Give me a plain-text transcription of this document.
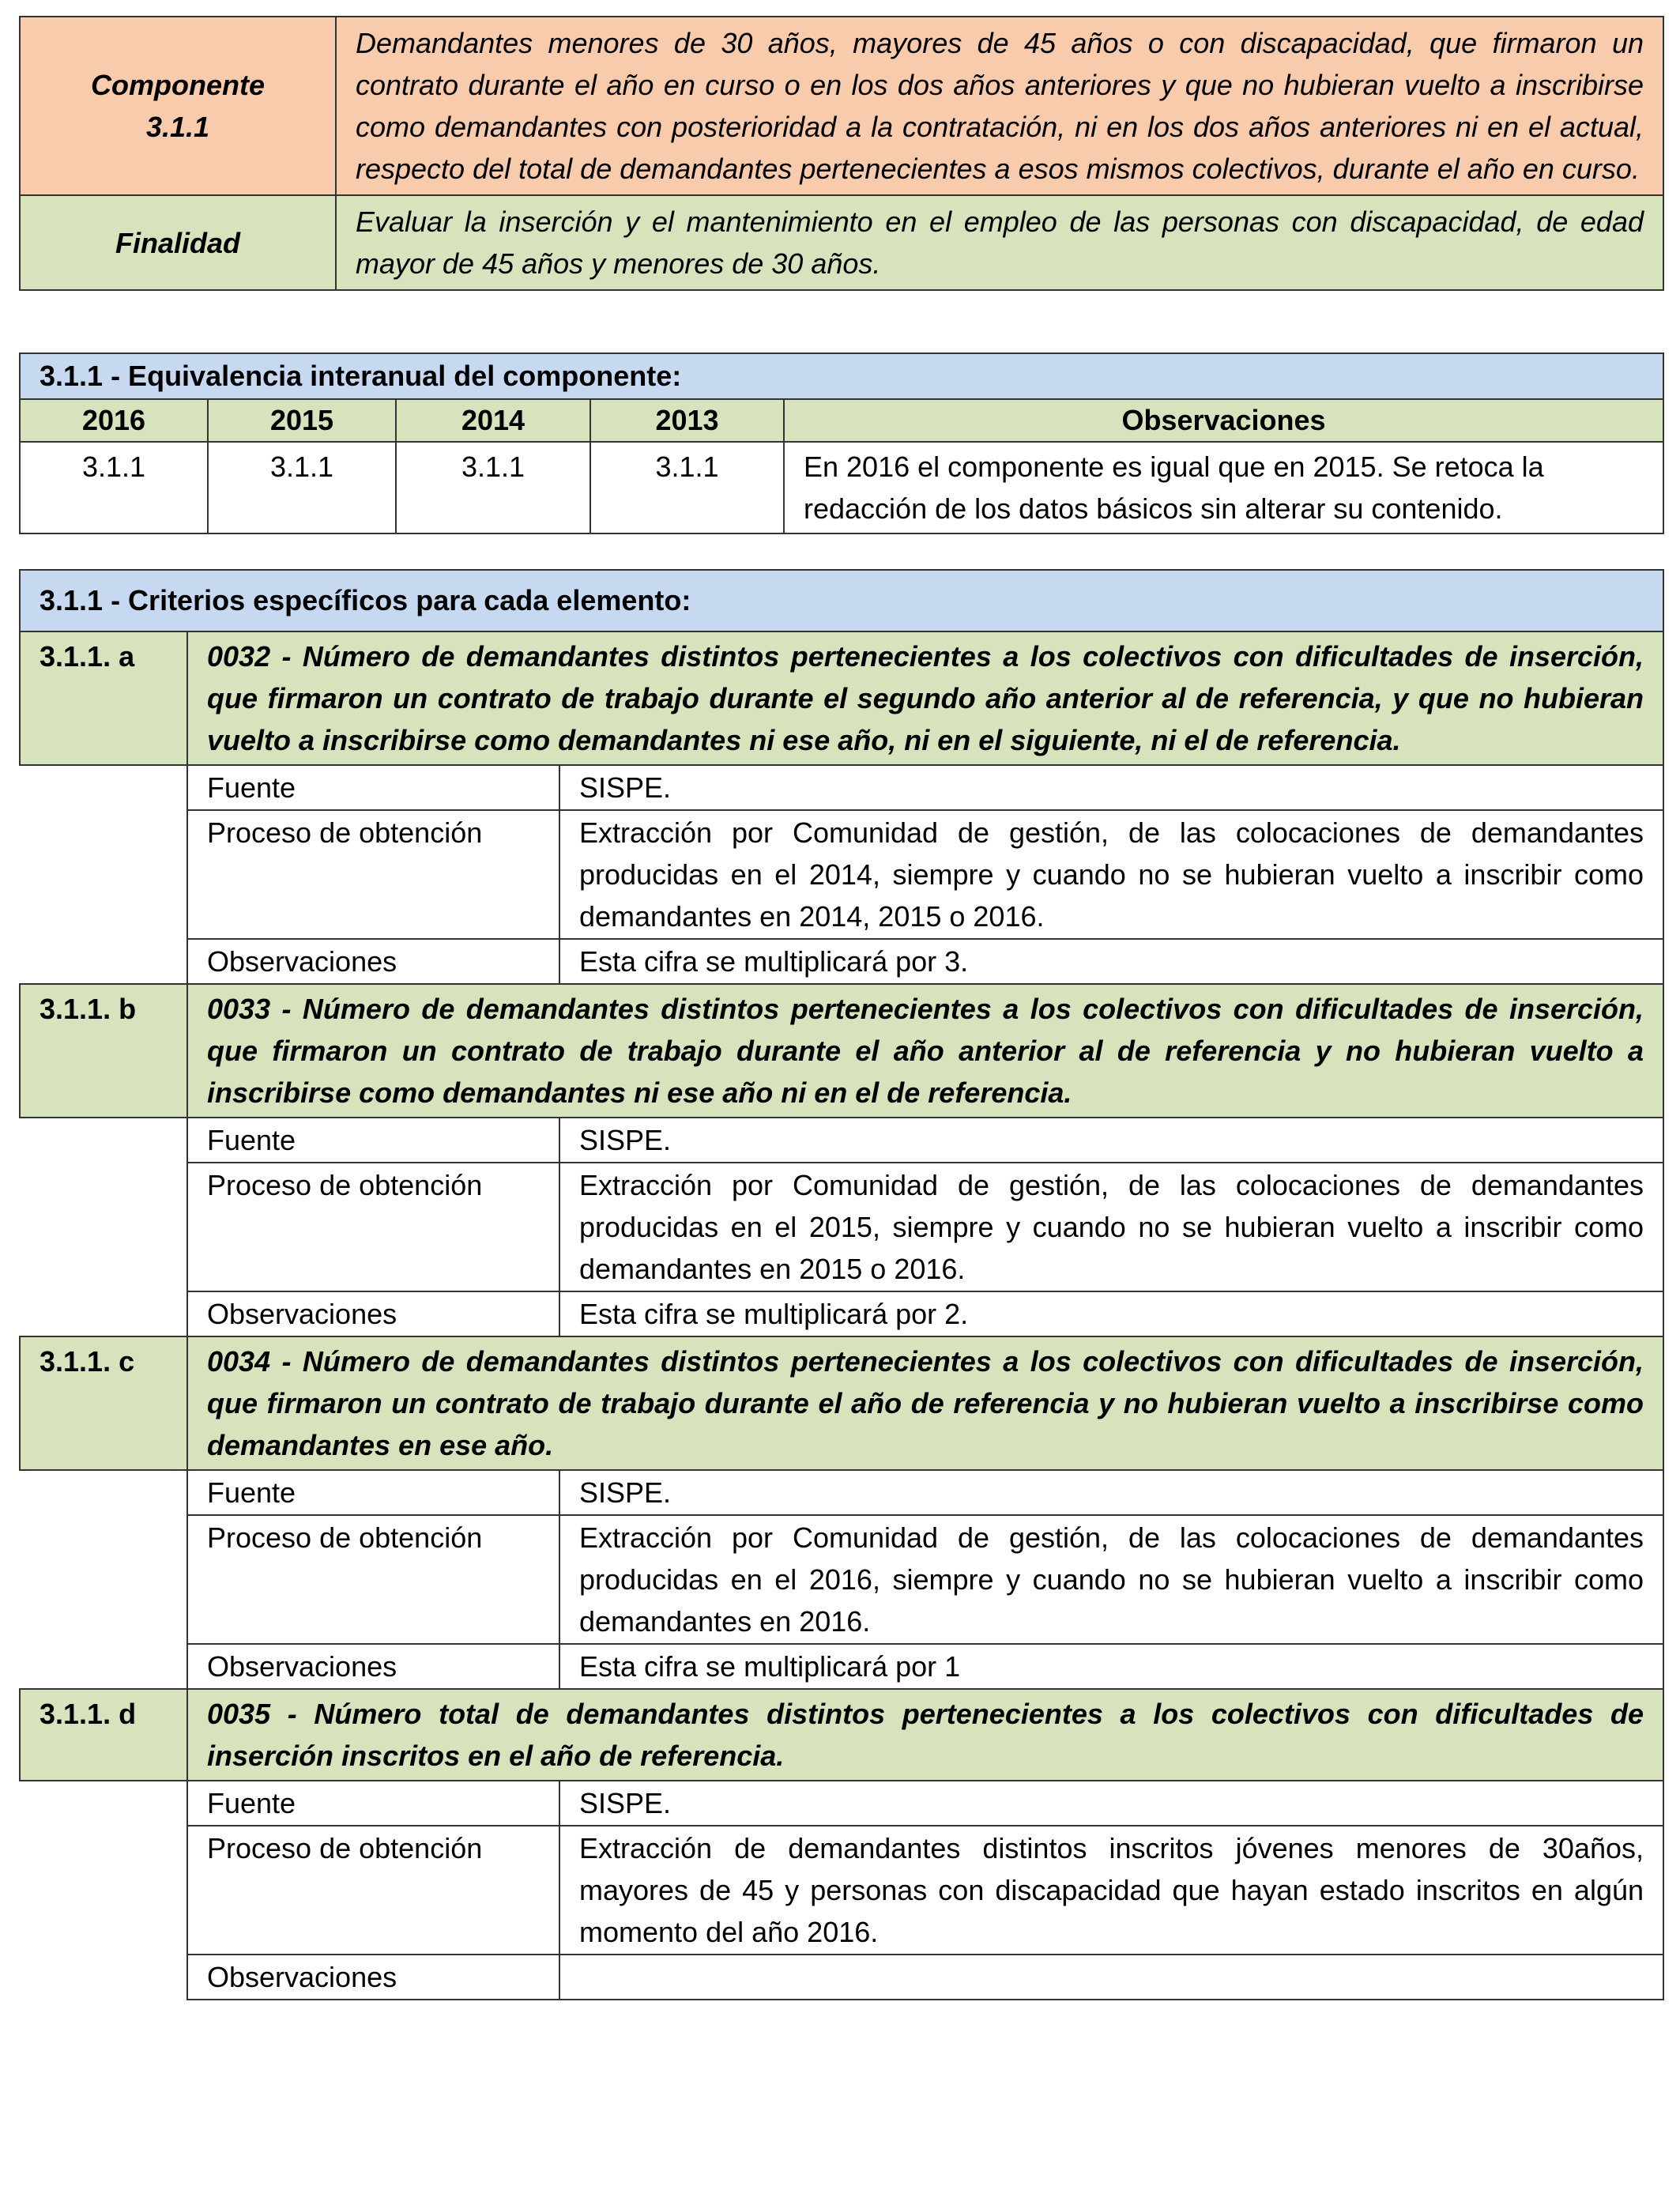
Componente 3.1.1	Demandantes menores de 30 años, mayores de 45 años o con discapacidad, que firmaron un contrato durante el año en curso o en los dos años anteriores y que no hubieran vuelto a inscribirse como demandantes con posterioridad a la contratación, ni en los dos años anteriores ni en el actual, respecto del total de demandantes pertenecientes a esos mismos colectivos, durante el año en curso.
Finalidad	Evaluar la inserción y el mantenimiento en el empleo de las personas con discapacidad, de edad mayor de 45 años y menores de 30 años.
3.1.1 - Equivalencia interanual del componente:				
2016	2015	2014	2013	Observaciones
3.1.1	3.1.1	3.1.1	3.1.1	En 2016 el componente es igual que en 2015. Se retoca la redacción de los datos básicos sin alterar su contenido.
3.1.1 - Criterios específicos para cada elemento:		
3.1.1. a	0032 - Número de demandantes distintos pertenecientes a los colectivos con dificultades de inserción, que firmaron un contrato de trabajo durante el segundo año anterior al de referencia, y que no hubieran vuelto a inscribirse como demandantes ni ese año, ni en el siguiente, ni el de referencia.	
	Fuente	SISPE.
	Proceso de obtención	Extracción por Comunidad de gestión, de las colocaciones de demandantes producidas en el 2014, siempre y cuando no se hubieran vuelto a inscribir como demandantes en 2014, 2015 o 2016.
	Observaciones	Esta cifra se multiplicará por 3.
3.1.1. b	0033 - Número de demandantes distintos pertenecientes a los colectivos con dificultades de inserción, que firmaron un contrato de trabajo durante el año anterior al de referencia y no hubieran vuelto a inscribirse como demandantes ni ese año ni en el de referencia.	
	Fuente	SISPE.
	Proceso de obtención	Extracción por Comunidad de gestión, de las colocaciones de demandantes producidas en el 2015, siempre y cuando no se hubieran vuelto a inscribir como demandantes en 2015 o 2016.
	Observaciones	Esta cifra se multiplicará por 2.
3.1.1. c	0034 - Número de demandantes distintos pertenecientes a los colectivos con dificultades de inserción, que firmaron un contrato de trabajo durante el año de referencia y no hubieran vuelto a inscribirse como demandantes en ese año.	
	Fuente	SISPE.
	Proceso de obtención	Extracción por Comunidad de gestión, de las colocaciones de demandantes producidas en el 2016, siempre y cuando no se hubieran vuelto a inscribir como demandantes en 2016.
	Observaciones	Esta cifra se multiplicará por 1
3.1.1. d	0035 - Número total de demandantes distintos pertenecientes a los colectivos con dificultades de inserción inscritos en el año de referencia.	
	Fuente	SISPE.
	Proceso de obtención	Extracción de demandantes distintos inscritos jóvenes menores de 30años, mayores de 45 y personas con discapacidad que hayan estado inscritos en algún momento del año 2016.
	Observaciones	
